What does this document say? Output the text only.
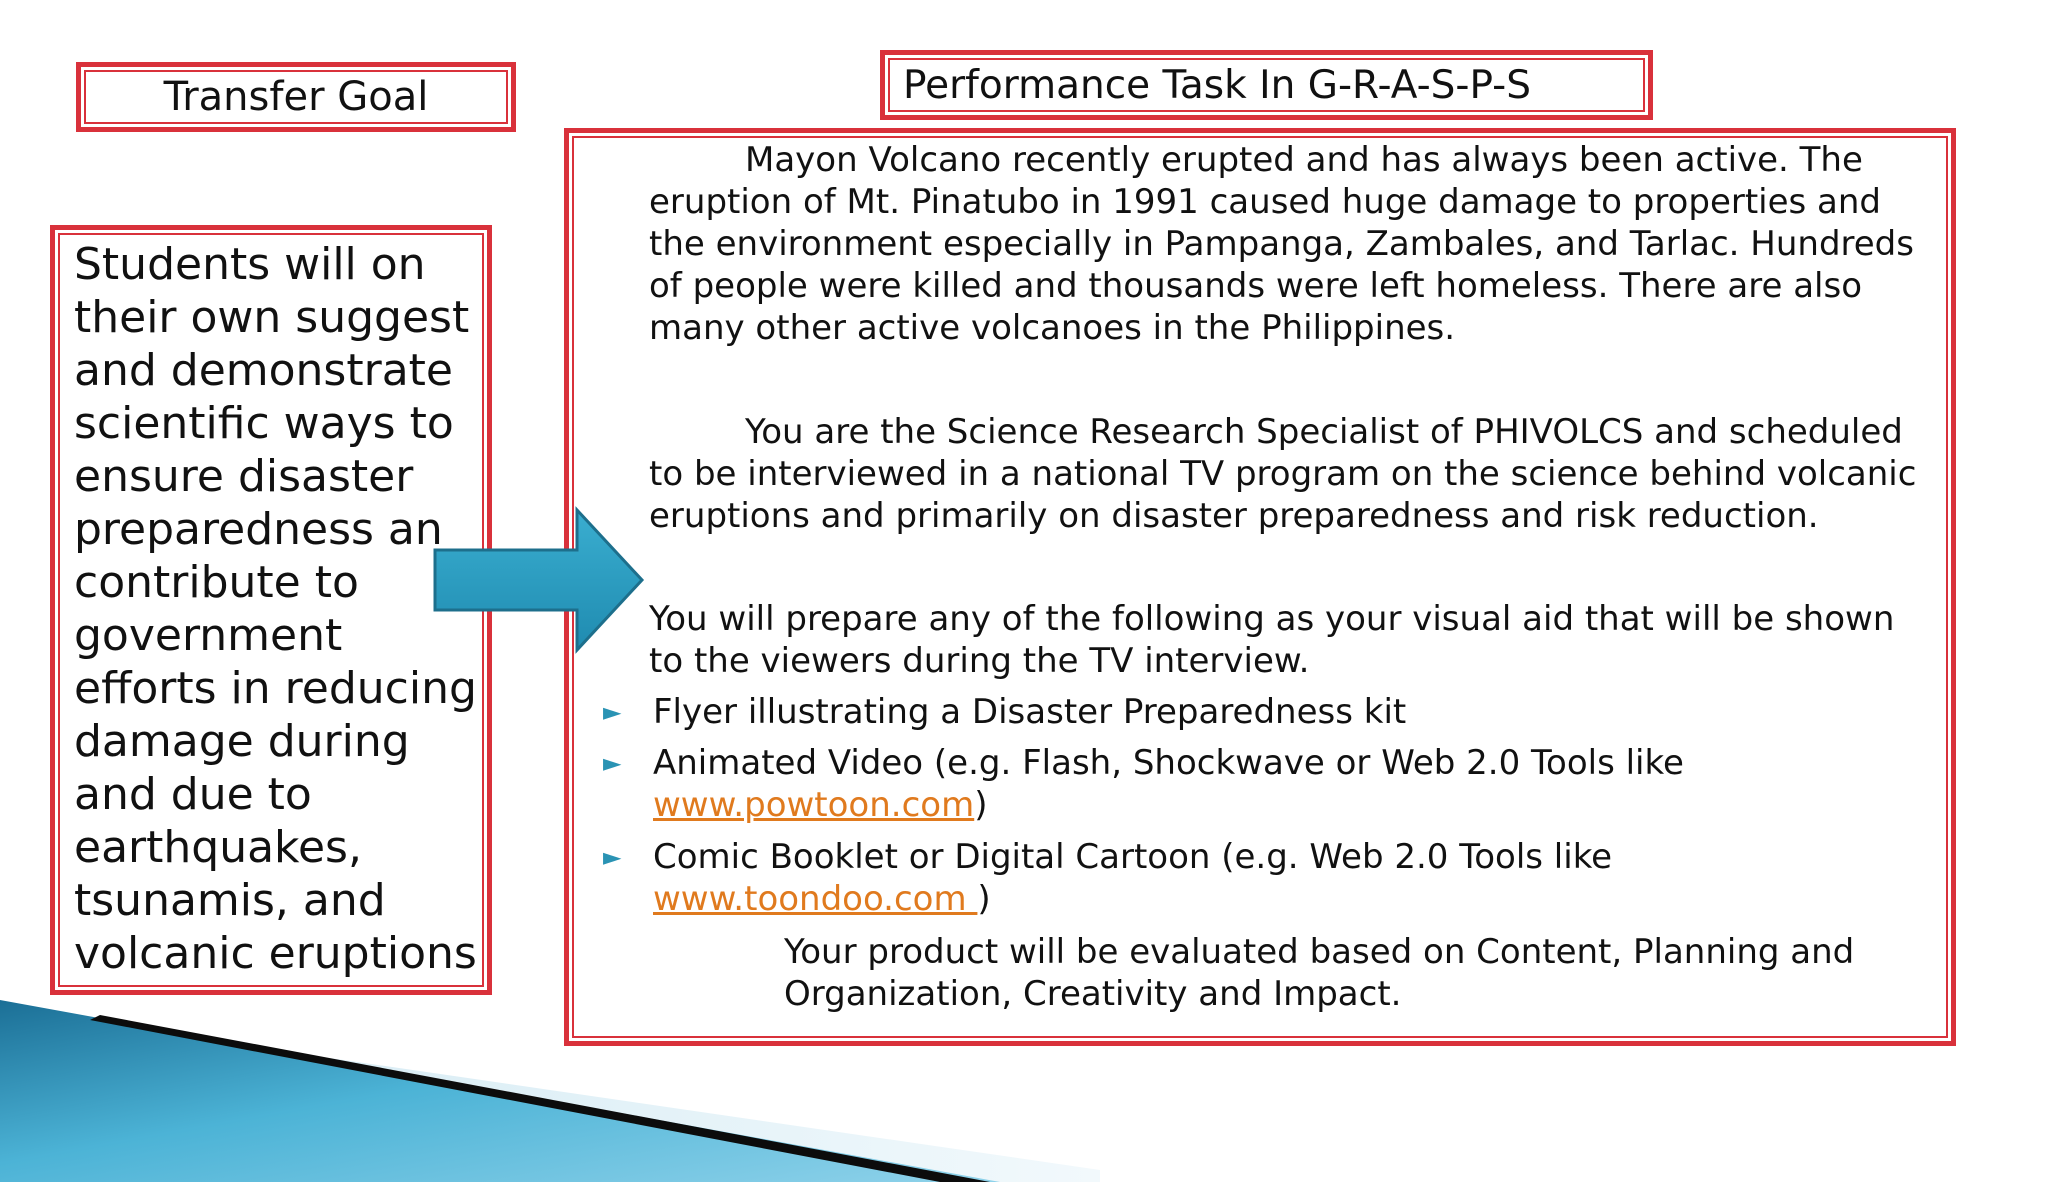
Transfer Goal	Performance Task In G-R-A-S-P-S
Students will on their own suggest and demonstrate scientific ways to ensure disaster preparedness an contribute to government efforts in reducing damage during and due to earthquakes, tsunamis, and volcanic eruptions
Mayon Volcano recently erupted and has always been active. The eruption of Mt. Pinatubo in 1991 caused huge damage to properties and the environment especially in Pampanga, Zambales, and Tarlac. Hundreds of people were killed and thousands were left homeless. There are also many other active volcanoes in the Philippines.
You are the Science Research Specialist of PHIVOLCS and scheduled to be interviewed in a national TV program on the science behind volcanic eruptions and primarily on disaster preparedness and risk reduction.
You will prepare any of the following as your visual aid that will be shown to the viewers during the TV interview.
► Flyer illustrating a Disaster Preparedness kit
► Animated Video (e.g. Flash, Shockwave or Web 2.0 Tools like www.powtoon.com)
► Comic Booklet or Digital Cartoon (e.g. Web 2.0 Tools like www.toondoo.com )
Your product will be evaluated based on Content, Planning and Organization, Creativity and Impact.
